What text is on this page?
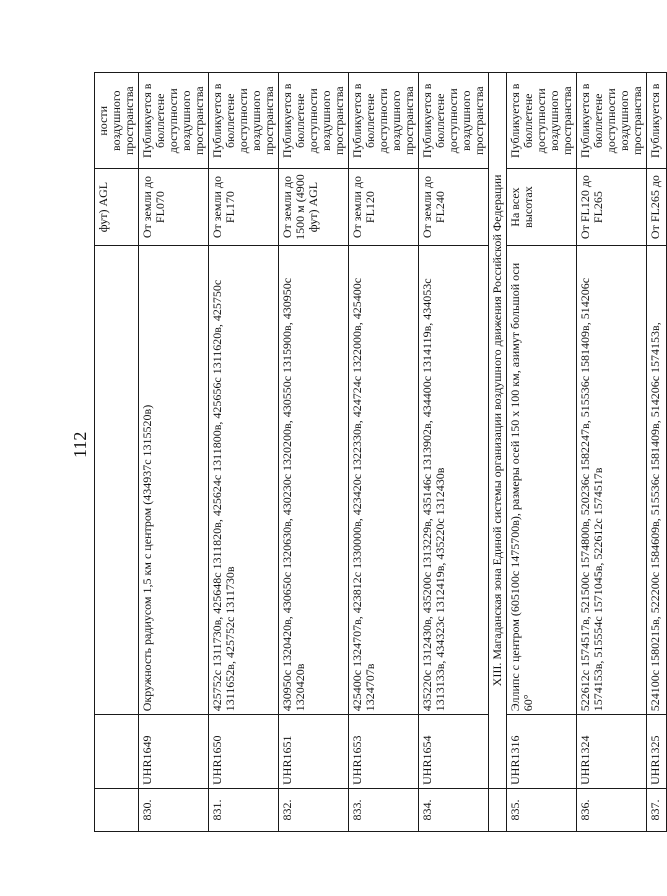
112
			фут) AGL	ности воздушного пространства
830.	UHR1649	Окружность радиусом 1,5 км с центром (434937с 1315520в)	От земли до FL070	Публикуется в бюллетене доступности воздушного пространства
831.	UHR1650	425752с 1311730в, 425648с 1311820в, 425624с 1311800в, 425656с 1311620в, 425750с 1311652в, 425752с 1311730в	От земли до FL170	Публикуется в бюллетене доступности воздушного пространства
832.	UHR1651	430950с 1320420в, 430650с 1320630в, 430230с 1320200в, 430550с 1315900в, 430950с 1320420в	От земли до 1500 м (4900 фут) AGL	Публикуется в бюллетене доступности воздушного пространства
833.	UHR1653	425400с 1324707в, 423812с 1330000в, 423420с 1322330в, 424724с 1322000в, 425400с 1324707в	От земли до FL120	Публикуется в бюллетене доступности воздушного пространства
834.	UHR1654	435220с 1312430в, 435200с 1313229в, 435146с 1313902в, 434400с 1314119в, 434053с 1313133в, 434323с 1312419в, 435220с 1312430в	От земли до FL240	Публикуется в бюллетене доступности воздушного пространства
	XIII. Магаданская зона Единой системы организации воздушного движения Российской Федерации			
835.	UHR1316	Эллипс с центром (605100с 1475700в), размеры осей 150 x 100 км, азимут большой оси 60°	На всех высотах	Публикуется в бюллетене доступности воздушного пространства
836.	UHR1324	522612с 1574517в, 521500с 1574800в, 520236с 1582247в, 515536с 1581409в, 514206с 1574153в, 515554с 1571045в, 522612с 1574517в	От FL120 до FL265	Публикуется в бюллетене доступности воздушного пространства
837.	UHR1325	524100с 1580215в, 522200с 1584609в, 515536с 1581409в, 514206с 1574153в,	От FL265 до	Публикуется в
